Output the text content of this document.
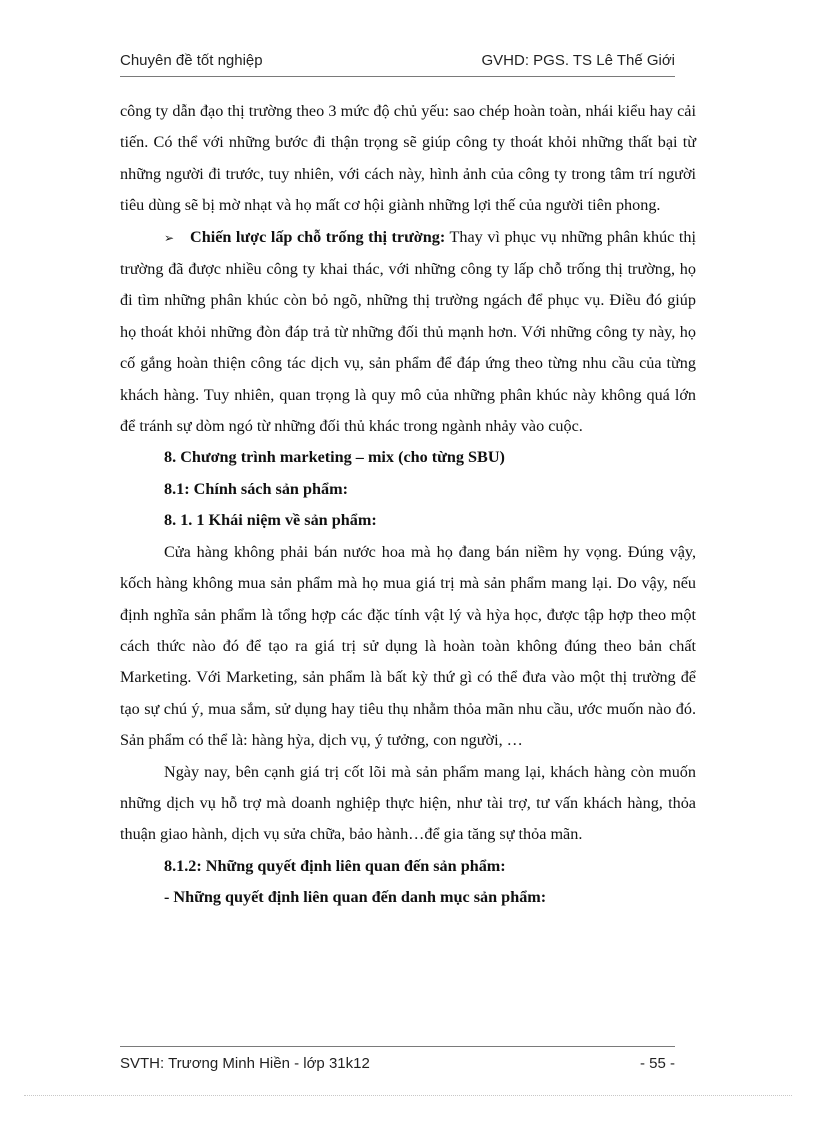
Chuyên đề tốt nghiệp	GVHD: PGS. TS Lê Thế Giới

công ty dẫn đạo thị trường theo 3 mức độ chủ yếu: sao chép hoàn toàn, nhái kiểu hay cải tiến. Có thể với những bước đi thận trọng sẽ giúp công ty thoát khỏi những thất bại từ những người đi trước, tuy nhiên, với cách này, hình ảnh của công ty trong tâm trí người tiêu dùng sẽ bị mờ nhạt và họ mất cơ hội giành những lợi thế của người tiên phong.

➢ Chiến lược lấp chỗ trống thị trường: Thay vì phục vụ những phân khúc thị trường đã được nhiều công ty khai thác, với những công ty lấp chỗ trống thị trường, họ đi tìm những phân khúc còn bỏ ngõ, những thị trường ngách để phục vụ. Điều đó giúp họ thoát khỏi những đòn đáp trả từ những đối thủ mạnh hơn. Với những công ty này, họ cố gắng hoàn thiện công tác dịch vụ, sản phẩm để đáp ứng theo từng nhu cầu của từng khách hàng. Tuy nhiên, quan trọng là quy mô của những phân khúc này không quá lớn để tránh sự dòm ngó từ những đối thủ khác trong ngành nhảy vào cuộc.

8. Chương trình marketing – mix (cho từng SBU)

8.1: Chính sách sản phẩm:

8. 1. 1 Khái niệm về sản phẩm:

Cửa hàng không phải bán nước hoa mà họ đang bán niềm hy vọng. Đúng vậy, kốch hàng không mua sản phẩm mà họ mua giá trị mà sản phẩm mang lại. Do vậy, nếu định nghĩa sản phẩm là tổng hợp các đặc tính vật lý và hỳa học, được tập hợp theo một cách thức nào đó để tạo ra giá trị sử dụng là hoàn toàn không đúng theo bản chất Marketing. Với Marketing, sản phẩm là bất kỳ thứ gì có thể đưa vào một thị trường để tạo sự chú ý, mua sắm, sử dụng hay tiêu thụ nhằm thỏa mãn nhu cầu, ước muốn nào đó. Sản phẩm có thể là: hàng hỳa, dịch vụ, ý tưởng, con người, …

Ngày nay, bên cạnh giá trị cốt lõi mà sản phẩm mang lại, khách hàng còn muốn những dịch vụ hỗ trợ mà doanh nghiệp thực hiện, như tài trợ, tư vấn khách hàng, thỏa thuận giao hành, dịch vụ sửa chữa, bảo hành…để gia tăng sự thỏa mãn.

8.1.2: Những quyết định liên quan đến sản phẩm:

- Những quyết định liên quan đến danh mục sản phẩm:

SVTH: Trương Minh Hiền - lớp 31k12	- 55 -
